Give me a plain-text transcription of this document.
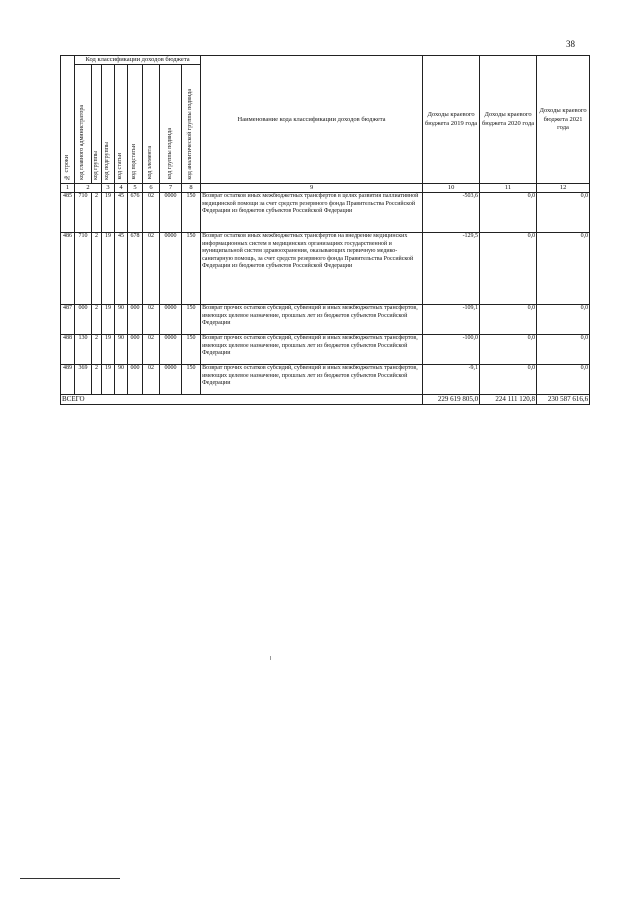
38
№ строки	Код классификации доходов бюджета								Наименование кода классификации доходов бюджета	Доходы краевого бюджета 2019 года	Доходы краевого бюджета 2020 года	Доходы краевого бюджета 2021 года
	код главного администратора	код группы	код подгруппы	код статьи	код подстатьи	код элемента	код группы подвида	код аналитической группы подвида				
1	2		3	4	5	6	7	8	9	10	11	12
485	710	2	19	45	676	02	0000	150	Возврат остатков иных межбюджетных трансфертов в целях развития паллиативной медицинской помощи за счет средств резервного фонда Правительства Российской Федерации из бюджетов субъектов Российской Федерации	-503,6	0,0	0,0
486	710	2	19	45	678	02	0000	150	Возврат остатков иных межбюджетных трансфертов на внедрение медицинских информационных систем в медицинских организациях государственной и муниципальной систем здравоохранения, оказывающих первичную медико-санитарную помощь, за счет средств резервного фонда Правительства Российской Федерации из бюджетов субъектов Российской Федерации	-129,5	0,0	0,0
487	000	2	19	90	000	02	0000	150	Возврат прочих остатков субсидий, субвенций и иных межбюджетных трансфертов, имеющих целевое назначение, прошлых лет из бюджетов субъектов Российской Федерации	-109,1	0,0	0,0
488	130	2	19	90	000	02	0000	150	Возврат прочих остатков субсидий, субвенций и иных межбюджетных трансфертов, имеющих целевое назначение, прошлых лет из бюджетов субъектов Российской Федерации	-100,0	0,0	0,0
489	369	2	19	90	000	02	0000	150	Возврат прочих остатков субсидий, субвенций и иных межбюджетных трансфертов, имеющих целевое назначение, прошлых лет из бюджетов субъектов Российской Федерации	-9,1	0,0	0,0
ВСЕГО										229 619 805,0	224 111 120,8	230 587 616,6
